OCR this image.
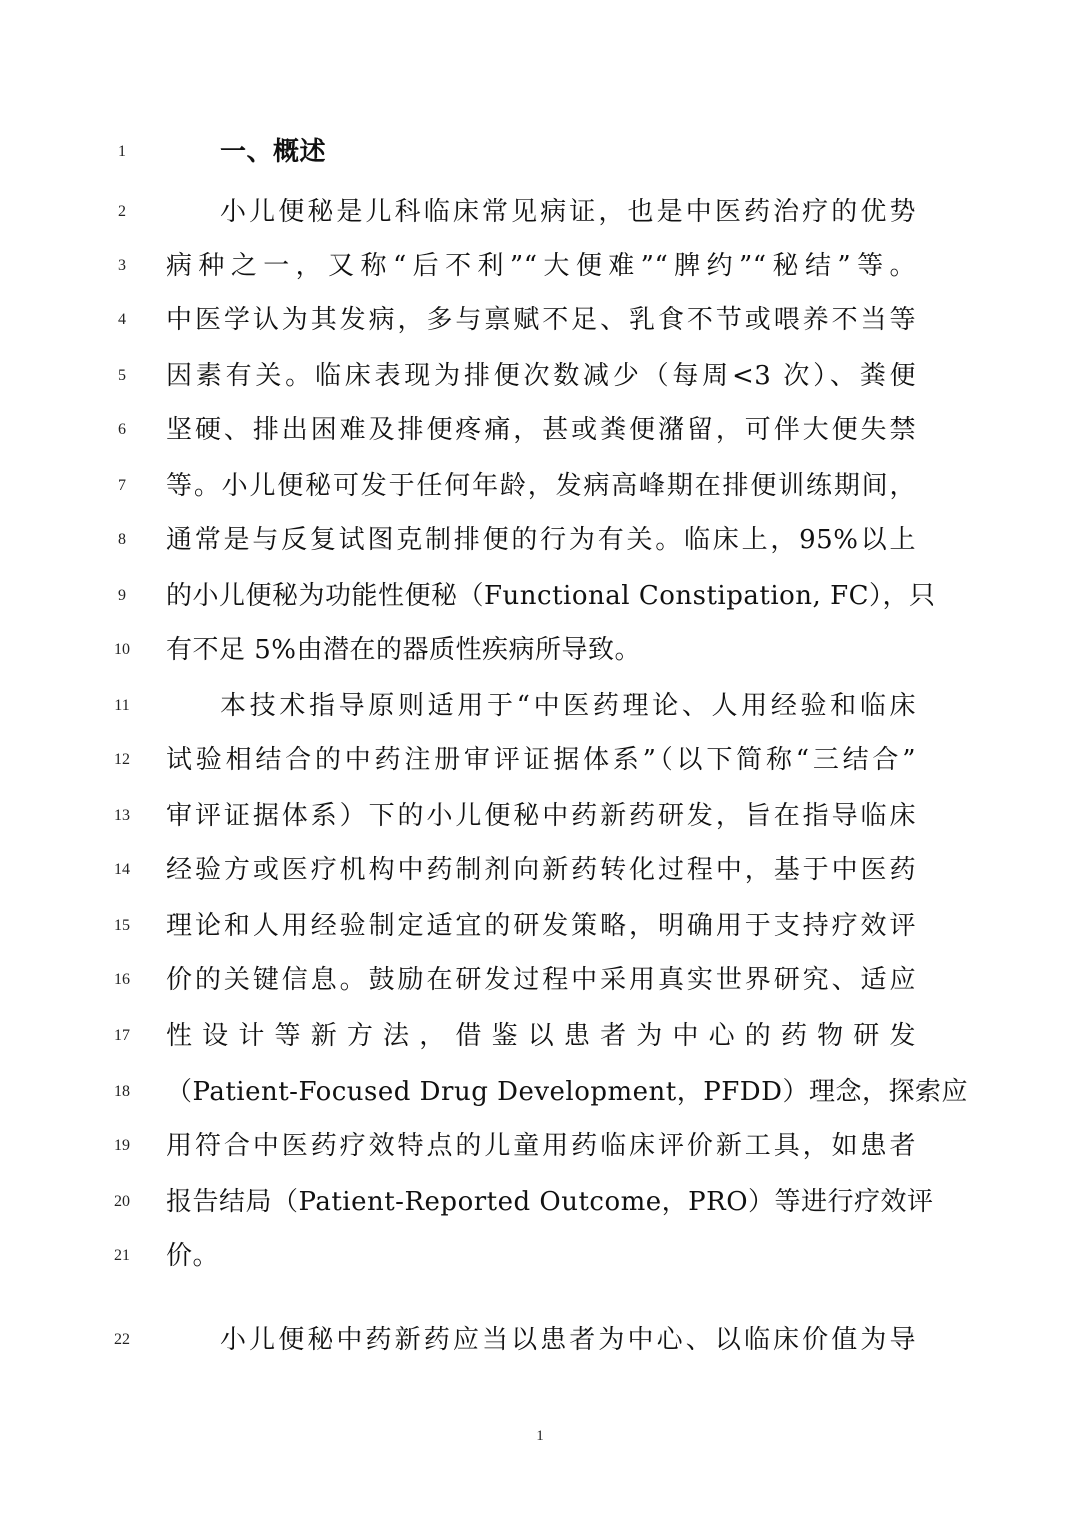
1	一、概述
2	小儿便秘是儿科临床常见病证，也是中医药治疗的优势
3	病种之一，又称“后不利”“大便难”“脾约”“秘结”等。
4	中医学认为其发病，多与禀赋不足、乳食不节或喂养不当等
5	因素有关。临床表现为排便次数减少（每周<3 次）、粪便
6	坚硬、排出困难及排便疼痛，甚或粪便潴留，可伴大便失禁
7	等。小儿便秘可发于任何年龄，发病高峰期在排便训练期间，
8	通常是与反复试图克制排便的行为有关。临床上，95%以上
9	的小儿便秘为功能性便秘（Functional Constipation, FC），只
10	有不足 5%由潜在的器质性疾病所导致。
11	本技术指导原则适用于“中医药理论、人用经验和临床
12	试验相结合的中药注册审评证据体系”（以下简称“三结合”
13	审评证据体系）下的小儿便秘中药新药研发，旨在指导临床
14	经验方或医疗机构中药制剂向新药转化过程中，基于中医药
15	理论和人用经验制定适宜的研发策略，明确用于支持疗效评
16	价的关键信息。鼓励在研发过程中采用真实世界研究、适应
17	性设计等新方法，借鉴以患者为中心的药物研发
18	（Patient-Focused Drug Development，PFDD）理念，探索应
19	用符合中医药疗效特点的儿童用药临床评价新工具，如患者
20	报告结局（Patient-Reported Outcome，PRO）等进行疗效评
21	价。
22	小儿便秘中药新药应当以患者为中心、以临床价值为导
1
